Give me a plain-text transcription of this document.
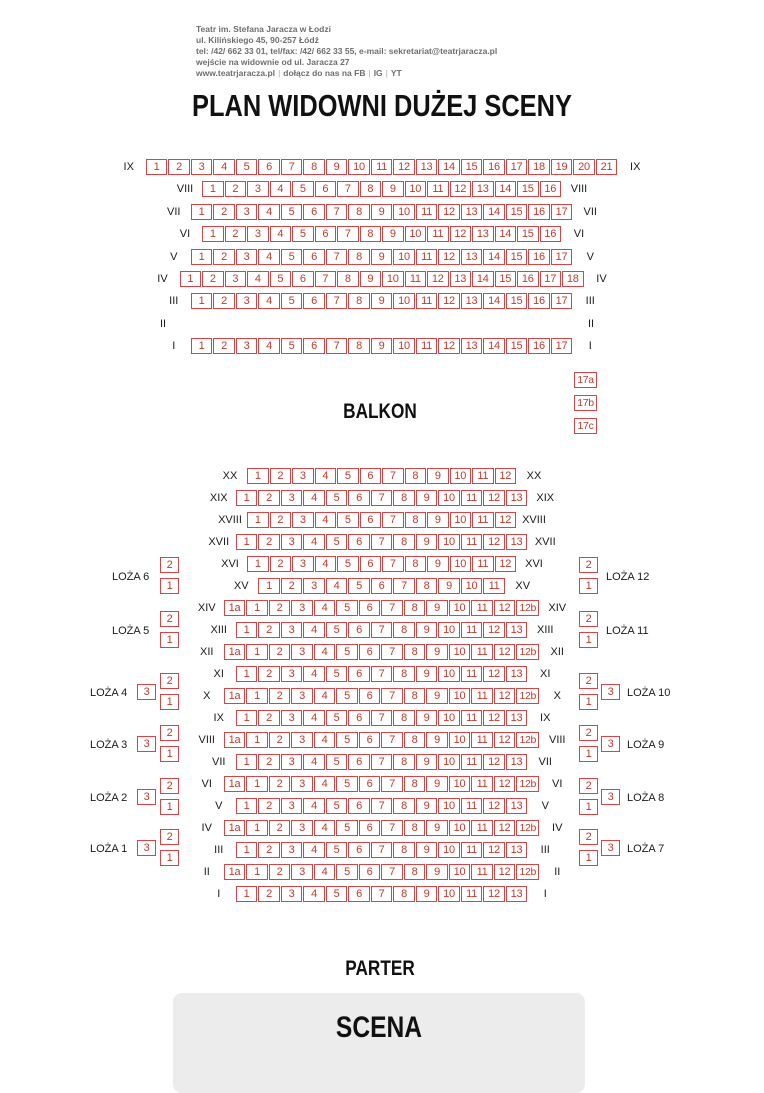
Teatr im. Stefana Jaracza w Łodzi
ul. Kilińskiego 45, 90-257 Łódź
tel: /42/ 662 33 01, tel/fax: /42/ 662 33 55, e-mail: sekretariat@teatrjaracza.pl
wejście na widownie od ul. Jaracza 27
www.teatrjaracza.pl | dołącz do nas na FB | IG | YT
PLAN WIDOWNI DUŻEJ SCENY
IX	1	2	3	4	5	6	7	8	9	10	11	12 13 14 15 16 17 18 19 20 21	IX
VIII	1	2	3	4	5	6	7	8	9	10	11	12 13 14 15 16	VIII
VII	1	2	3	4	5	6	7	8	9	10	11	12 13 14 15 16 17	VII
VI	1	2	3	4	5	6	7	8	9	10	11	12 13 14 15 16	VI
V	1	2	3	4	5	6	7	8	9	10	11	12 13 14 15 16 17	V
IV	1	2	3	4	5	6	7	8	9	10	11	12 13 14 15 16 17 18	IV
III	1	2	3	4	5	6	7	8	9	10	11	12 13 14 15 16 17	III
II	II
I	1	2	3	4	5	6	7	8	9	10	11	12 13 14 15 16 17	I
17a
17b
17c
XX	1	2	3	4	5	6	7	8	9	10	11	12	XX
XIX	1	2	3	4	5	6	7	8	9	10	11	12 13	XIX
XVIII	1	2	3	4	5	6	7	8	9	10	11	12	XVIII
XVII	1	2	3	4	5	6	7	8	9	10	11	12 13	XVII
XVI	1	2	3	4	5	6	7	8	9	10	11	12	XVI
XV	1	2	3	4	5	6	7	8	9	10	11	XV
XIV	1a	1	2	3	4	5	6	7	8	9	10	11	12 12b	XIV
XIII	1	2	3	4	5	6	7	8	9	10	11	12 13	XIII
XII	1a	1	2	3	4	5	6	7	8	9	10	11	12 12b	XII
XI	1	2	3	4	5	6	7	8	9	10	11	12 13	XI
X	1a	1	2	3	4	5	6	7	8	9	10	11	12 12b	X
IX	1	2	3	4	5	6	7	8	9	10	11	12 13	IX
VIII	1a	1	2	3	4	5	6	7	8	9	10	11	12 12b	VIII
VII	1	2	3	4	5	6	7	8	9	10	11	12 13	VII
VI	1a	1	2	3	4	5	6	7	8	9	10	11	12 12b	VI
V	1	2	3	4	5	6	7	8	9	10	11	12 13	V
IV	1a	1	2	3	4	5	6	7	8	9	10	11	12 12b	IV
III	1	2	3	4	5	6	7	8	9	10	11	12 13	III
II	1a	1	2	3	4	5	6	7	8	9	10	11	12 12b	II
I	1	2	3	4	5	6	7	8	9	10	11	12 13	I
2
1
LOŻA 6
2
1
LOŻA 5
3
2
1
LOŻA 4
3
2
1
LOŻA 3
3
2
1
LOŻA 2
3
2
1
LOŻA 1
2
1
LOŻA 12
2
1
LOŻA 11
2
1
3	LOŻA 10
2
1
3	LOŻA 9
2
1
3	LOŻA 8
2
1
3	LOŻA 7
BALKON
PARTER
SCENA
